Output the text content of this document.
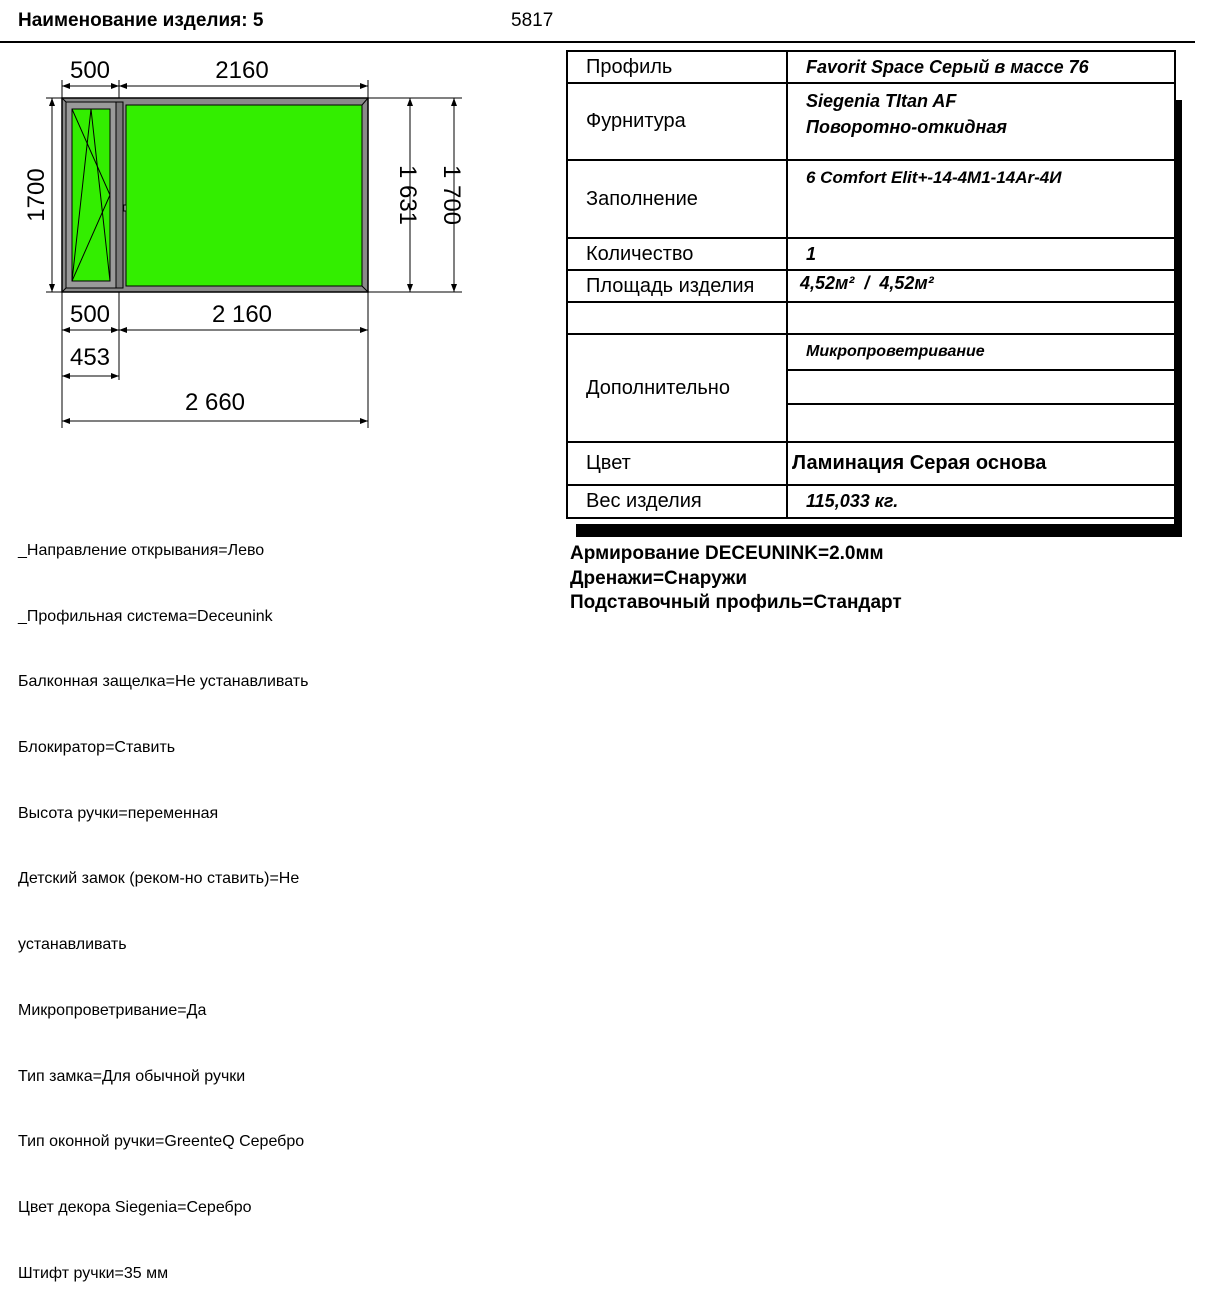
Наименование изделия: 5	5817
500	2160
1700	1 631 1 700
500	2 160
453
2 660
Профиль	Favorit Space Серый в массе 76
Фурнитура	Siegenia TItan AF
Поворотно-откидная

Заполнение	6 Comfort Elit+-14-4M1-14Ar-4И
Количество	1
Площадь изделия	4,52м²  /  4,52м²

Дополнительно	Микропроветривание

Цвет	Ламинация Серая основа
Вес изделия	115,033 кг.

_Направление открывания=Лево

_Профильная система=Deceunink

Балконная защелка=Не устанавливать

Блокиратор=Ставить

Высота ручки=переменная

Детский замок (реком-но ставить)=Не

устанавливать

Микропроветривание=Да

Тип замка=Для обычной ручки

Тип оконной ручки=GreenteQ Серебро

Цвет декора Siegenia=Серебро

Штифт ручки=35 мм

Армирование DECEUNINK=2.0мм
Дренажи=Снаружи
Подставочный профиль=Стандарт
